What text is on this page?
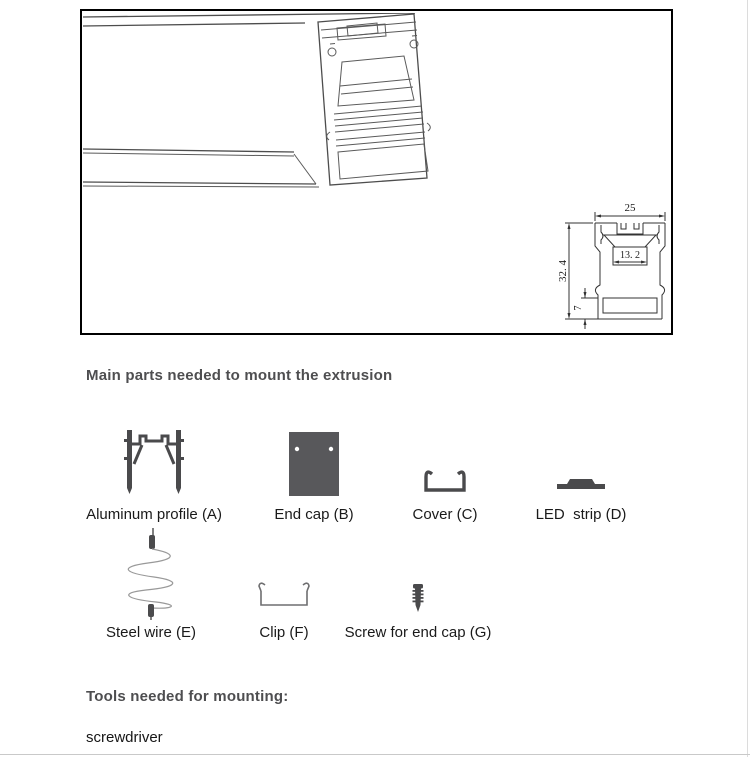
25
32. 4
13. 2
7
Main parts needed to mount the extrusion
Aluminum profile (A)	End cap (B)	Cover (C)	LED  strip (D)
Steel wire (E)	Clip (F)	Screw for end cap (G)
Tools needed for mounting:
screwdriver
